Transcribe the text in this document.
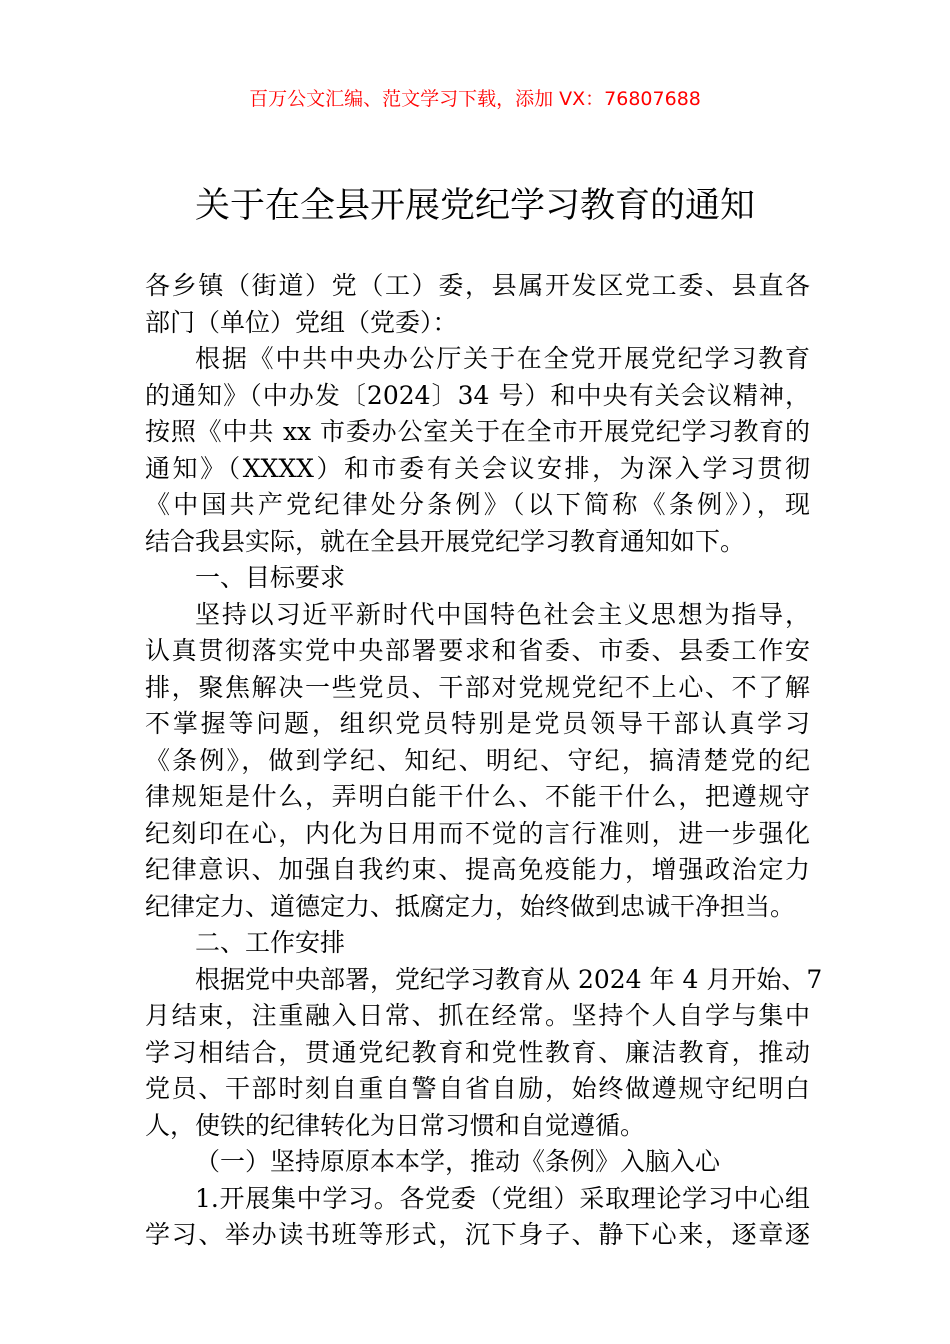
百万公文汇编、范文学习下载，添加 VX：76807688
关于在全县开展党纪学习教育的通知
各乡镇（街道）党（工）委，县属开发区党工委、县直各
部门（单位）党组（党委）：
根据《中共中央办公厅关于在全党开展党纪学习教育
的通知》（中办发〔2024〕34 号）和中央有关会议精神，
按照《中共 xx 市委办公室关于在全市开展党纪学习教育的
通知》（XXXX）和市委有关会议安排，为深入学习贯彻
《中国共产党纪律处分条例》（以下简称《条例》），现
结合我县实际，就在全县开展党纪学习教育通知如下。
一、目标要求
坚持以习近平新时代中国特色社会主义思想为指导，
认真贯彻落实党中央部署要求和省委、市委、县委工作安
排，聚焦解决一些党员、干部对党规党纪不上心、不了解
不掌握等问题，组织党员特别是党员领导干部认真学习
《条例》，做到学纪、知纪、明纪、守纪，搞清楚党的纪
律规矩是什么，弄明白能干什么、不能干什么，把遵规守
纪刻印在心，内化为日用而不觉的言行准则，进一步强化
纪律意识、加强自我约束、提高免疫能力，增强政治定力
纪律定力、道德定力、抵腐定力，始终做到忠诚干净担当。
二、工作安排
根据党中央部署，党纪学习教育从 2024 年 4 月开始、7
月结束，注重融入日常、抓在经常。坚持个人自学与集中
学习相结合，贯通党纪教育和党性教育、廉洁教育，推动
党员、干部时刻自重自警自省自励，始终做遵规守纪明白
人，使铁的纪律转化为日常习惯和自觉遵循。
（一）坚持原原本本学，推动《条例》入脑入心
1.开展集中学习。各党委（党组）采取理论学习中心组
学习、举办读书班等形式，沉下身子、静下心来，逐章逐
